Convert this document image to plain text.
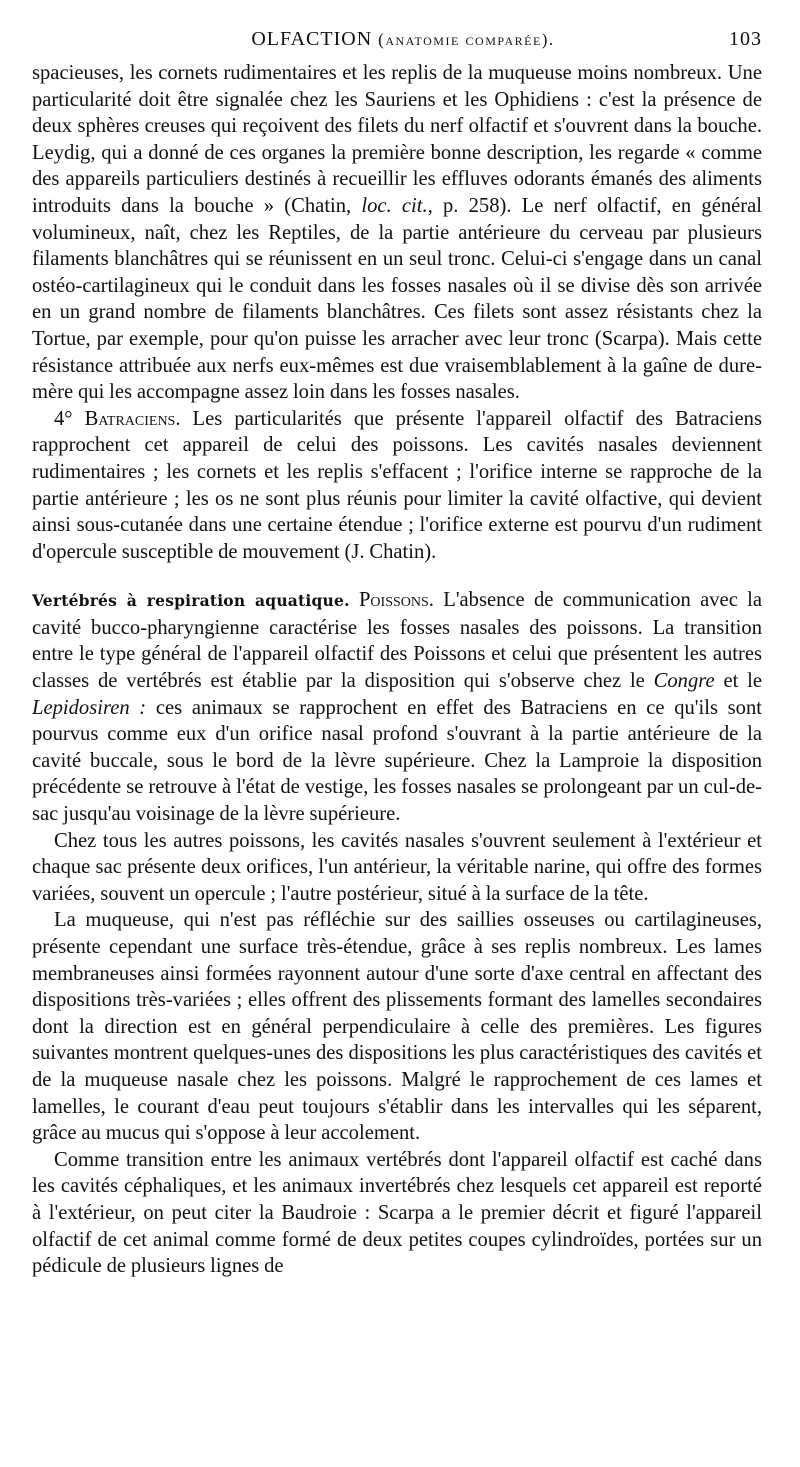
OLFACTION (anatomie comparée).	103

spacieuses, les cornets rudimentaires et les replis de la muqueuse moins nombreux. Une particularité doit être signalée chez les Sauriens et les Ophidiens : c'est la présence de deux sphères creuses qui reçoivent des filets du nerf olfactif et s'ouvrent dans la bouche. Leydig, qui a donné de ces organes la première bonne description, les regarde « comme des appareils particuliers destinés à recueillir les effluves odorants émanés des aliments introduits dans la bouche » (Chatin, loc. cit., p. 258). Le nerf olfactif, en général volumineux, naît, chez les Reptiles, de la partie antérieure du cerveau par plusieurs filaments blanchâtres qui se réunissent en un seul tronc. Celui-ci s'engage dans un canal ostéo-cartilagineux qui le conduit dans les fosses nasales où il se divise dès son arrivée en un grand nombre de filaments blanchâtres. Ces filets sont assez résistants chez la Tortue, par exemple, pour qu'on puisse les arracher avec leur tronc (Scarpa). Mais cette résistance attribuée aux nerfs eux-mêmes est due vraisemblablement à la gaîne de dure-mère qui les accompagne assez loin dans les fosses nasales.

4° Batraciens. Les particularités que présente l'appareil olfactif des Batraciens rapprochent cet appareil de celui des poissons. Les cavités nasales deviennent rudimentaires ; les cornets et les replis s'effacent ; l'orifice interne se rapproche de la partie antérieure ; les os ne sont plus réunis pour limiter la cavité olfactive, qui devient ainsi sous-cutanée dans une certaine étendue ; l'orifice externe est pourvu d'un rudiment d'opercule susceptible de mouvement (J. Chatin).

Vertébrés à respiration aquatique. Poissons. L'absence de communication avec la cavité bucco-pharyngienne caractérise les fosses nasales des poissons. La transition entre le type général de l'appareil olfactif des Poissons et celui que présentent les autres classes de vertébrés est établie par la disposition qui s'observe chez le Congre et le Lepidosiren : ces animaux se rapprochent en effet des Batraciens en ce qu'ils sont pourvus comme eux d'un orifice nasal profond s'ouvrant à la partie antérieure de la cavité buccale, sous le bord de la lèvre supérieure. Chez la Lamproie la disposition précédente se retrouve à l'état de vestige, les fosses nasales se prolongeant par un cul-de-sac jusqu'au voisinage de la lèvre supérieure.

Chez tous les autres poissons, les cavités nasales s'ouvrent seulement à l'extérieur et chaque sac présente deux orifices, l'un antérieur, la véritable narine, qui offre des formes variées, souvent un opercule ; l'autre postérieur, situé à la surface de la tête.

La muqueuse, qui n'est pas réfléchie sur des saillies osseuses ou cartilagineuses, présente cependant une surface très-étendue, grâce à ses replis nombreux. Les lames membraneuses ainsi formées rayonnent autour d'une sorte d'axe central en affectant des dispositions très-variées ; elles offrent des plissements formant des lamelles secondaires dont la direction est en général perpendiculaire à celle des premières. Les figures suivantes montrent quelques-unes des dispositions les plus caractéristiques des cavités et de la muqueuse nasale chez les poissons. Malgré le rapprochement de ces lames et lamelles, le courant d'eau peut toujours s'établir dans les intervalles qui les séparent, grâce au mucus qui s'oppose à leur accolement.

Comme transition entre les animaux vertébrés dont l'appareil olfactif est caché dans les cavités céphaliques, et les animaux invertébrés chez lesquels cet appareil est reporté à l'extérieur, on peut citer la Baudroie : Scarpa a le premier décrit et figuré l'appareil olfactif de cet animal comme formé de deux petites coupes cylindroïdes, portées sur un pédicule de plusieurs lignes de
